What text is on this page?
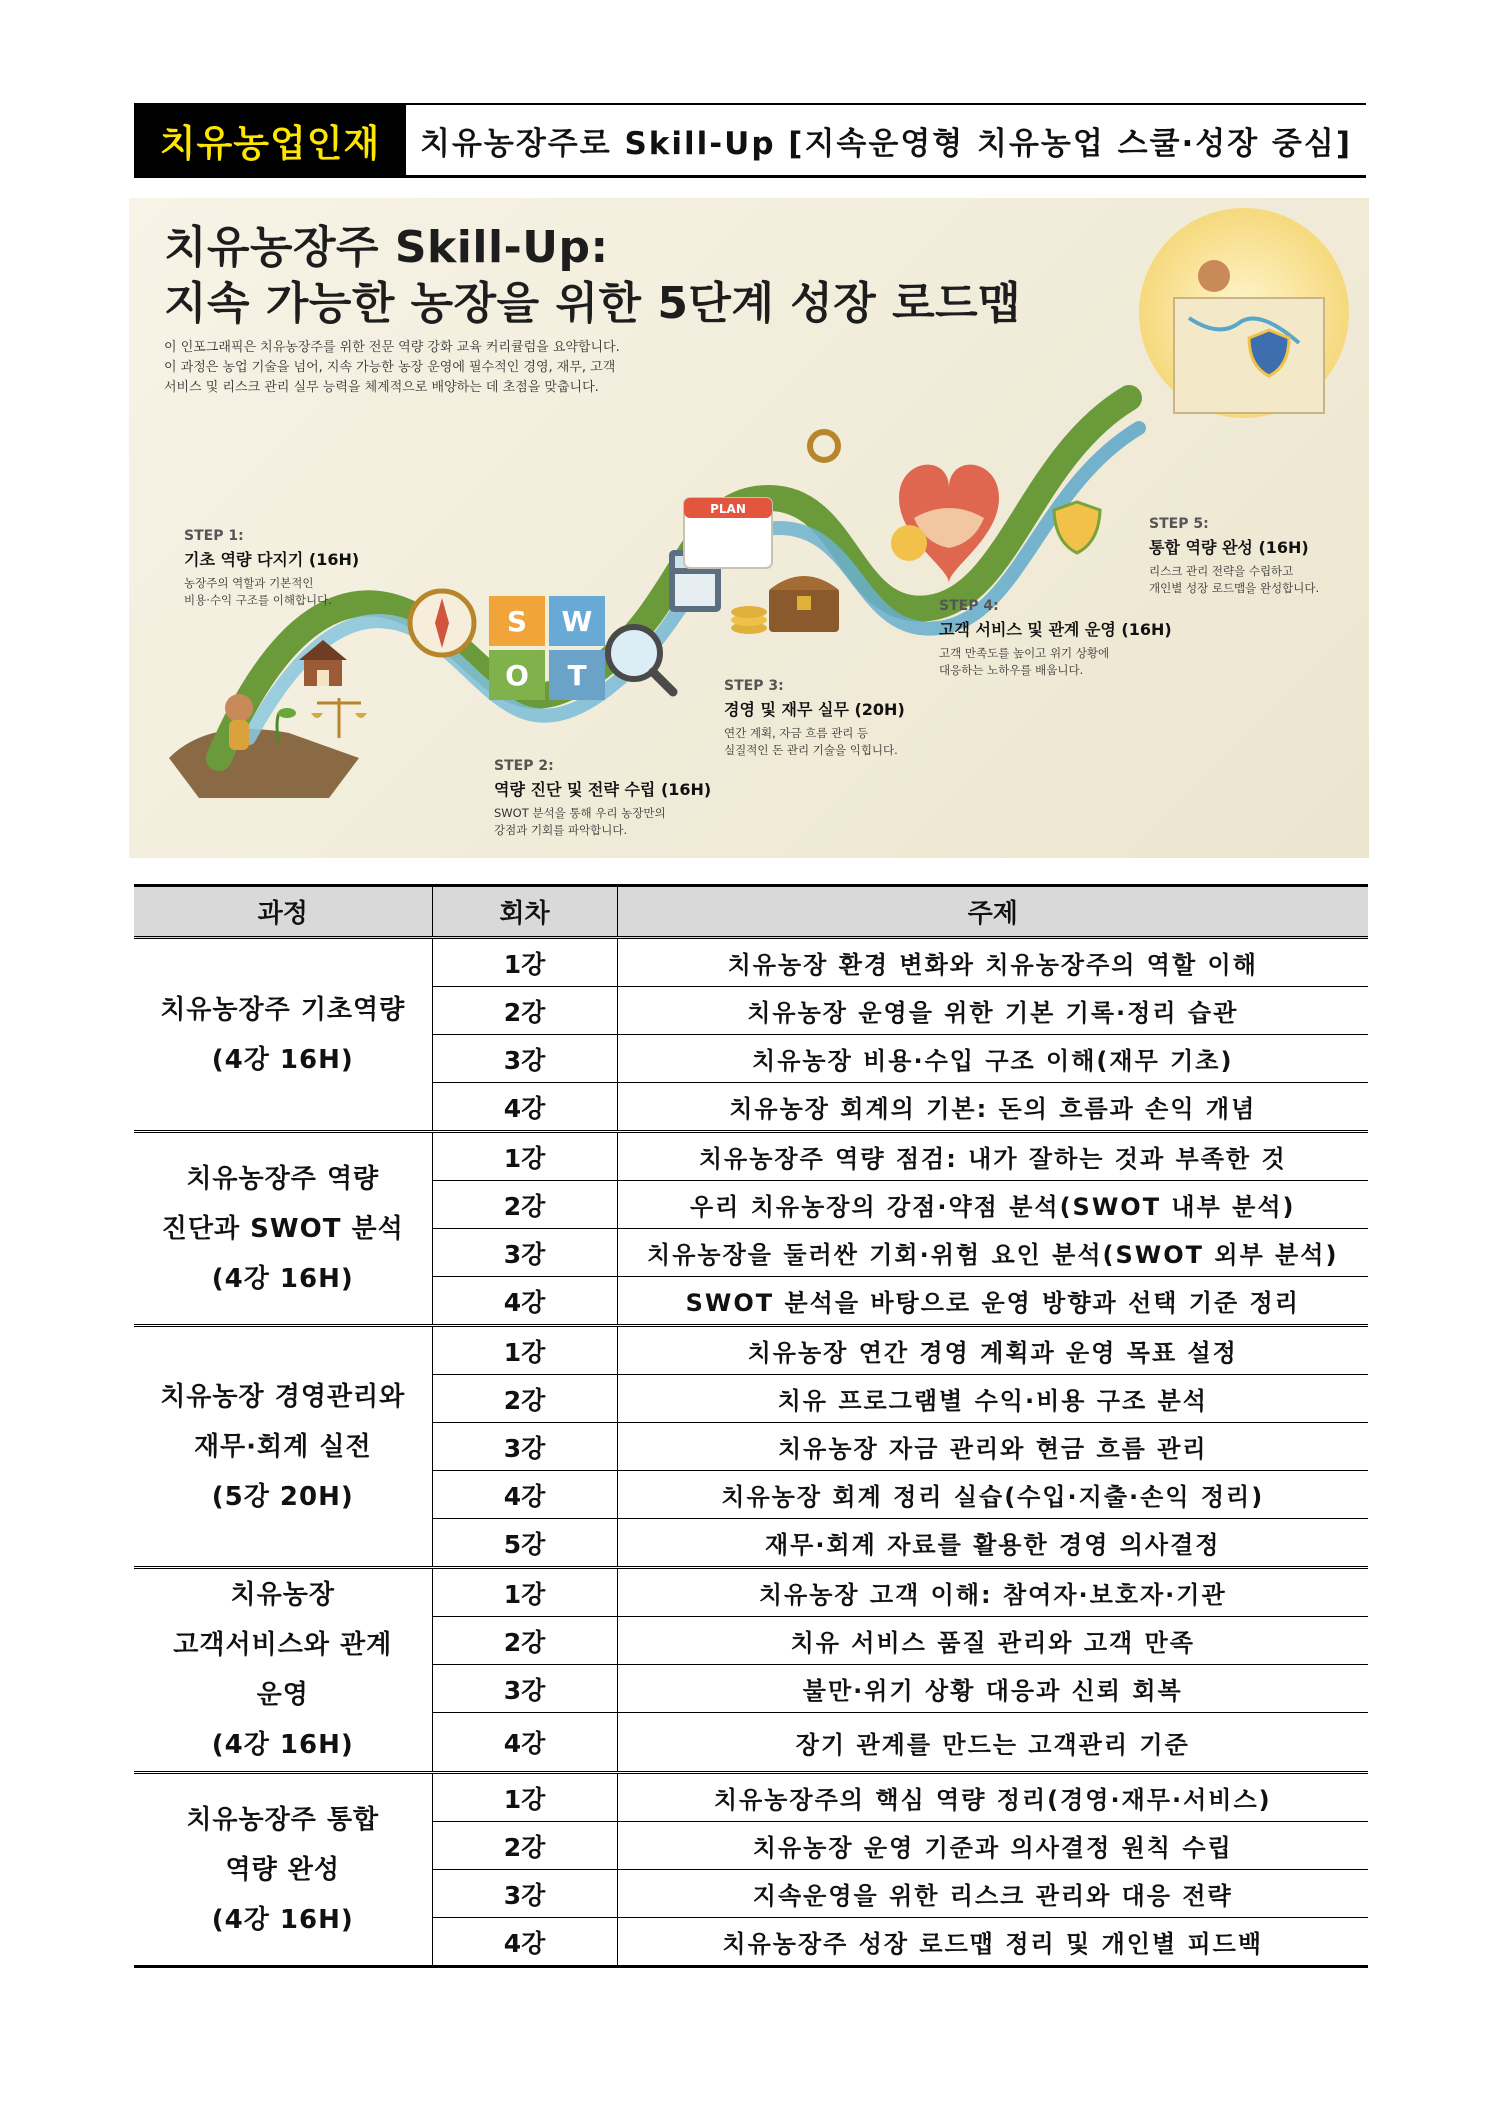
치유농업인재	치유농장주로 Skill-Up [지속운영형 치유농업 스쿨·성장 중심]
S W
O T
PLAN
치유농장주 Skill-Up:
지속 가능한 농장을 위한 5단계 성장 로드맵
이 인포그래픽은 치유농장주를 위한 전문 역량 강화 교육 커리큘럼을 요약합니다.
이 과정은 농업 기술을 넘어, 지속 가능한 농장 운영에 필수적인 경영, 재무, 고객
서비스 및 리스크 관리 실무 능력을 체계적으로 배양하는 데 초점을 맞춥니다.
STEP 1:
기초 역량 다지기 (16H)
농장주의 역할과 기본적인
비용·수익 구조를 이해합니다.
STEP 2:
역량 진단 및 전략 수립 (16H)
SWOT 분석을 통해 우리 농장만의
강점과 기회를 파악합니다.
STEP 3:
경영 및 재무 실무 (20H)
연간 계획, 자금 흐름 관리 등
실질적인 돈 관리 기술을 익힙니다.
STEP 4:
고객 서비스 및 관계 운영 (16H)
고객 만족도를 높이고 위기 상황에
대응하는 노하우를 배웁니다.
STEP 5:
통합 역량 완성 (16H)
리스크 관리 전략을 수립하고
개인별 성장 로드맵을 완성합니다.
과정	회차	주제

치유농장주 기초역량
(4강 16H)	1강	치유농장 환경 변화와 치유농장주의 역할 이해
	2강	치유농장 운영을 위한 기본 기록·정리 습관
	3강	치유농장 비용·수입 구조 이해(재무 기초)
	4강	치유농장 회계의 기본: 돈의 흐름과 손익 개념

치유농장주 역량
진단과 SWOT 분석
(4강 16H)	1강	치유농장주 역량 점검: 내가 잘하는 것과 부족한 것
	2강	우리 치유농장의 강점·약점 분석(SWOT 내부 분석)
	3강	치유농장을 둘러싼 기회·위험 요인 분석(SWOT 외부 분석)
	4강	SWOT 분석을 바탕으로 운영 방향과 선택 기준 정리

치유농장 경영관리와
재무·회계 실전
(5강 20H)	1강	치유농장 연간 경영 계획과 운영 목표 설정
	2강	치유 프로그램별 수익·비용 구조 분석
	3강	치유농장 자금 관리와 현금 흐름 관리
	4강	치유농장 회계 정리 실습(수입·지출·손익 정리)
	5강	재무·회계 자료를 활용한 경영 의사결정

치유농장
고객서비스와 관계
운영
(4강 16H)	1강	치유농장 고객 이해: 참여자·보호자·기관
	2강	치유 서비스 품질 관리와 고객 만족
	3강	불만·위기 상황 대응과 신뢰 회복
	4강	장기 관계를 만드는 고객관리 기준

치유농장주 통합
역량 완성
(4강 16H)	1강	치유농장주의 핵심 역량 정리(경영·재무·서비스)
	2강	치유농장 운영 기준과 의사결정 원칙 수립
	3강	지속운영을 위한 리스크 관리와 대응 전략
	4강	치유농장주 성장 로드맵 정리 및 개인별 피드백
